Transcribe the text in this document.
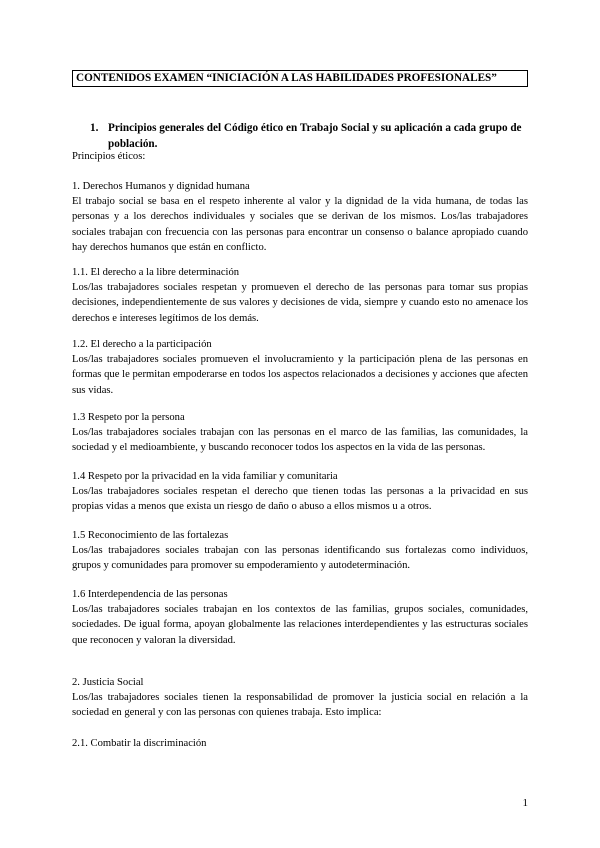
CONTENIDOS EXAMEN “INICIACIÓN A LAS HABILIDADES PROFESIONALES”
1. Principios generales del Código ético en Trabajo Social y su aplicación a cada grupo de población.
Principios éticos:
1. Derechos Humanos y dignidad humana
El trabajo social se basa en el respeto inherente al valor y la dignidad de la vida humana, de todas las personas y a los derechos individuales y sociales que se derivan de los mismos. Los/las trabajadores sociales trabajan con frecuencia con las personas para encontrar un consenso o balance apropiado cuando hay derechos humanos que están en conflicto.
1.1. El derecho a la libre determinación
Los/las trabajadores sociales respetan y promueven el derecho de las personas para tomar sus propias decisiones, independientemente de sus valores y decisiones de vida, siempre y cuando esto no amenace los derechos e intereses legítimos de los demás.
1.2. El derecho a la participación
Los/las trabajadores sociales promueven el involucramiento y la participación plena de las personas en formas que le permitan empoderarse en todos los aspectos relacionados a decisiones y acciones que afecten sus vidas.
1.3 Respeto por la persona
Los/las trabajadores sociales trabajan con las personas en el marco de las familias, las comunidades, la sociedad y el medioambiente, y buscando reconocer todos los aspectos en la vida de las personas.
1.4 Respeto por la privacidad en la vida familiar y comunitaria
Los/las trabajadores sociales respetan el derecho que tienen todas las personas a la privacidad en sus propias vidas a menos que exista un riesgo de daño o abuso a ellos mismos u a otros.
1.5 Reconocimiento de las fortalezas
Los/las trabajadores sociales trabajan con las personas identificando sus fortalezas como individuos, grupos y comunidades para promover su empoderamiento y autodeterminación.
1.6 Interdependencia de las personas
Los/las trabajadores sociales trabajan en los contextos de las familias, grupos sociales, comunidades, sociedades. De igual forma, apoyan globalmente las relaciones interdependientes y las estructuras sociales que reconocen y valoran la diversidad.
2. Justicia Social
Los/las trabajadores sociales tienen la responsabilidad de promover la justicia social en relación a la sociedad en general y con las personas con quienes trabaja. Esto implica:
2.1. Combatir la discriminación
1
